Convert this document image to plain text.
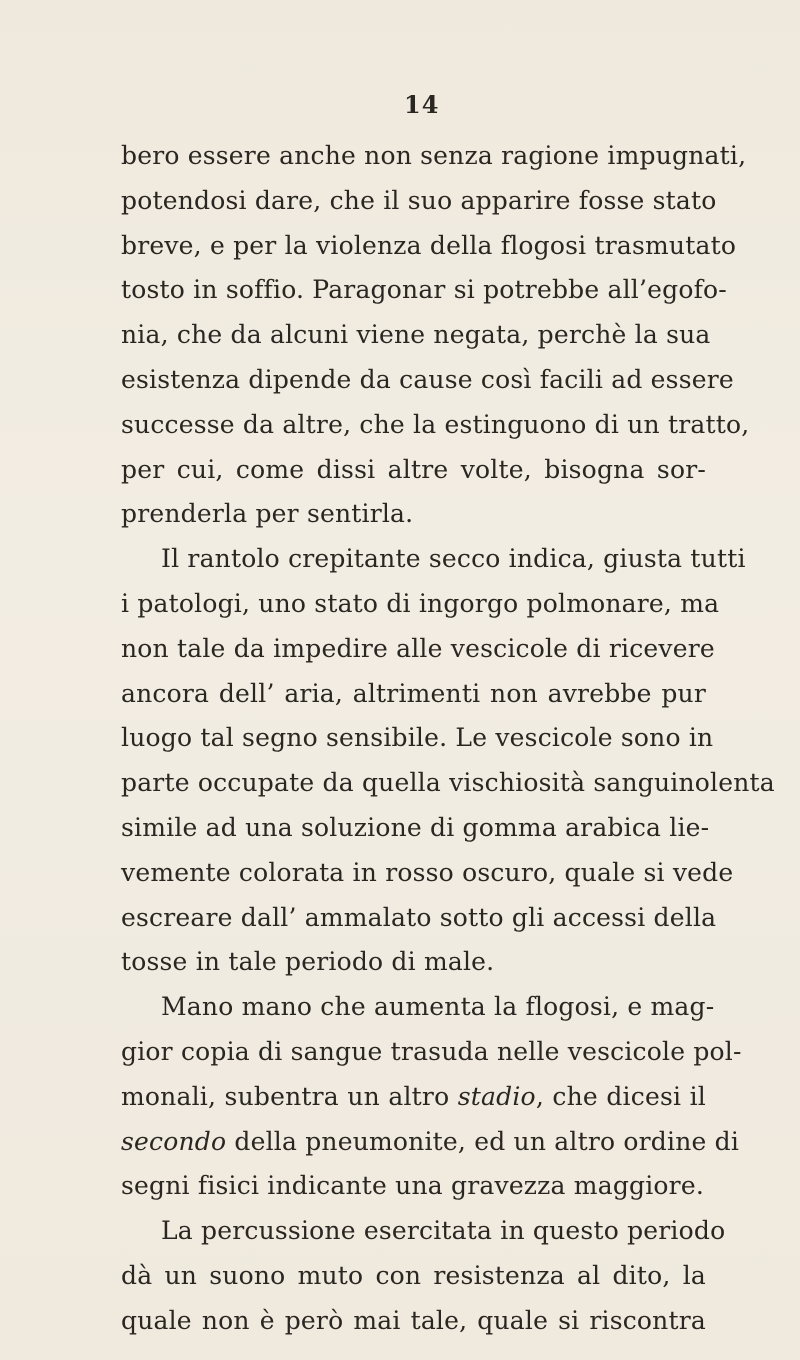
14
bero essere anche non senza ragione impugnati,
potendosi dare, che il suo apparire fosse stato
breve, e per la violenza della flogosi trasmutato
tosto in soffio. Paragonar si potrebbe all’egofo-
nia, che da alcuni viene negata, perchè la sua
esistenza dipende da cause così facili ad essere
successe da altre, che la estinguono di un tratto,
per cui, come dissi altre volte, bisogna sor-
prenderla per sentirla.
Il rantolo crepitante secco indica, giusta tutti
i patologi, uno stato di ingorgo polmonare, ma
non tale da impedire alle vescicole di ricevere
ancora dell’ aria, altrimenti non avrebbe pur
luogo tal segno sensibile. Le vescicole sono in
parte occupate da quella vischiosità sanguinolenta
simile ad una soluzione di gomma arabica lie-
vemente colorata in rosso oscuro, quale si vede
escreare dall’ ammalato sotto gli accessi della
tosse in tale periodo di male.
Mano mano che aumenta la flogosi, e mag-
gior copia di sangue trasuda nelle vescicole pol-
monali, subentra un altro stadio, che dicesi il
secondo della pneumonite, ed un altro ordine di
segni fisici indicante una gravezza maggiore.
La percussione esercitata in questo periodo
dà un suono muto con resistenza al dito, la
quale non è però mai tale, quale si riscontra
